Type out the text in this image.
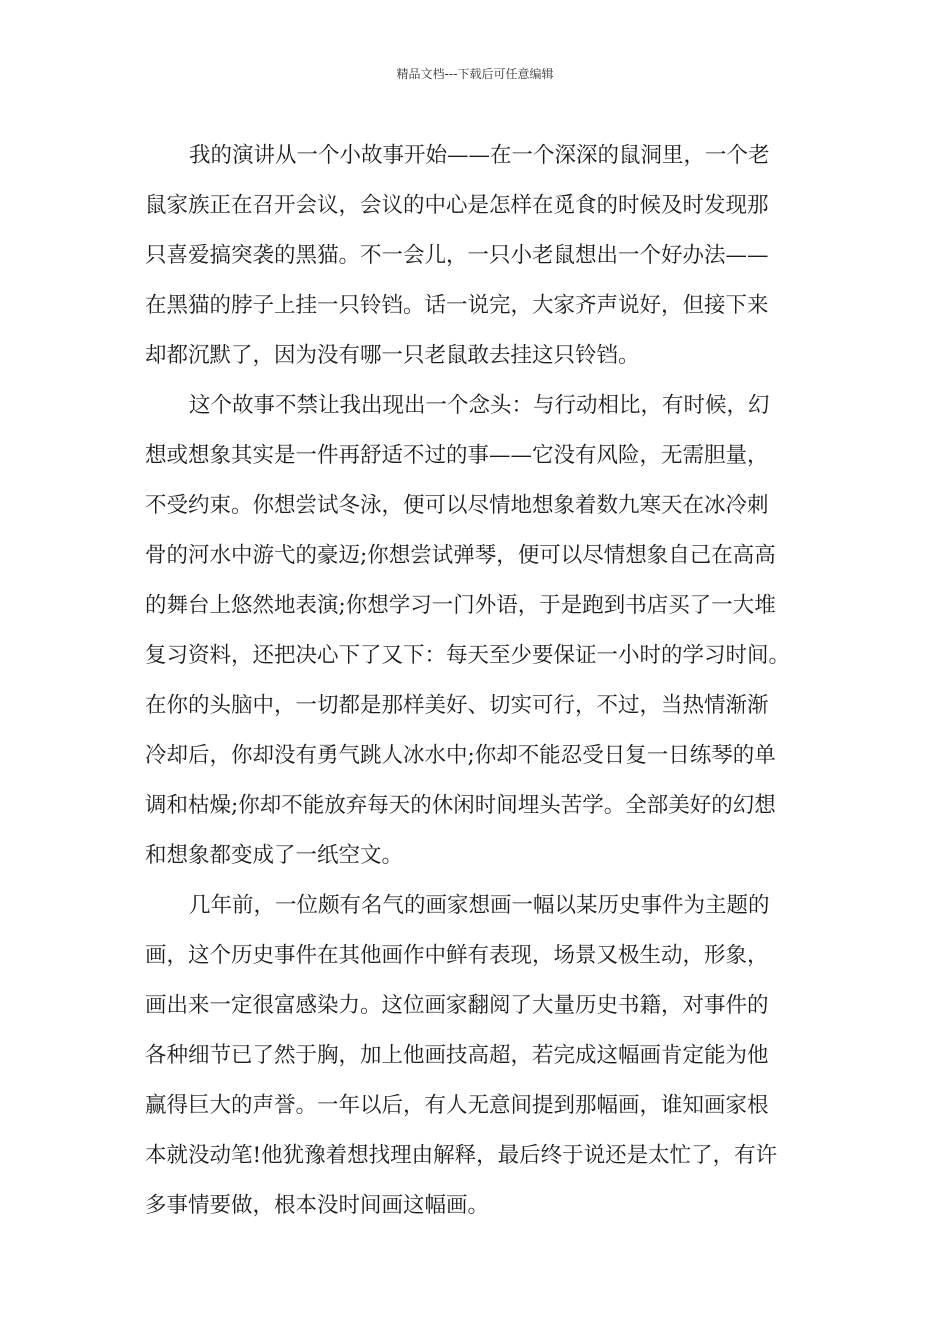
精品文档---下载后可任意编辑
我的演讲从一个小故事开始——在一个深深的鼠洞里，一个老
鼠家族正在召开会议，会议的中心是怎样在觅食的时候及时发现那
只喜爱搞突袭的黑猫。不一会儿，一只小老鼠想出一个好办法——
在黑猫的脖子上挂一只铃铛。话一说完，大家齐声说好，但接下来
却都沉默了，因为没有哪一只老鼠敢去挂这只铃铛。
这个故事不禁让我出现出一个念头：与行动相比，有时候，幻
想或想象其实是一件再舒适不过的事——它没有风险，无需胆量，
不受约束。你想尝试冬泳，便可以尽情地想象着数九寒天在冰冷刺
骨的河水中游弋的豪迈;你想尝试弹琴，便可以尽情想象自己在高高
的舞台上悠然地表演;你想学习一门外语，于是跑到书店买了一大堆
复习资料，还把决心下了又下：每天至少要保证一小时的学习时间。
在你的头脑中，一切都是那样美好、切实可行，不过，当热情渐渐
冷却后，你却没有勇气跳人冰水中;你却不能忍受日复一日练琴的单
调和枯燥;你却不能放弃每天的休闲时间埋头苦学。全部美好的幻想
和想象都变成了一纸空文。
几年前，一位颇有名气的画家想画一幅以某历史事件为主题的
画，这个历史事件在其他画作中鲜有表现，场景又极生动，形象，
画出来一定很富感染力。这位画家翻阅了大量历史书籍，对事件的
各种细节已了然于胸，加上他画技高超，若完成这幅画肯定能为他
赢得巨大的声誉。一年以后，有人无意间提到那幅画，谁知画家根
本就没动笔!他犹豫着想找理由解释，最后终于说还是太忙了，有许
多事情要做，根本没时间画这幅画。
